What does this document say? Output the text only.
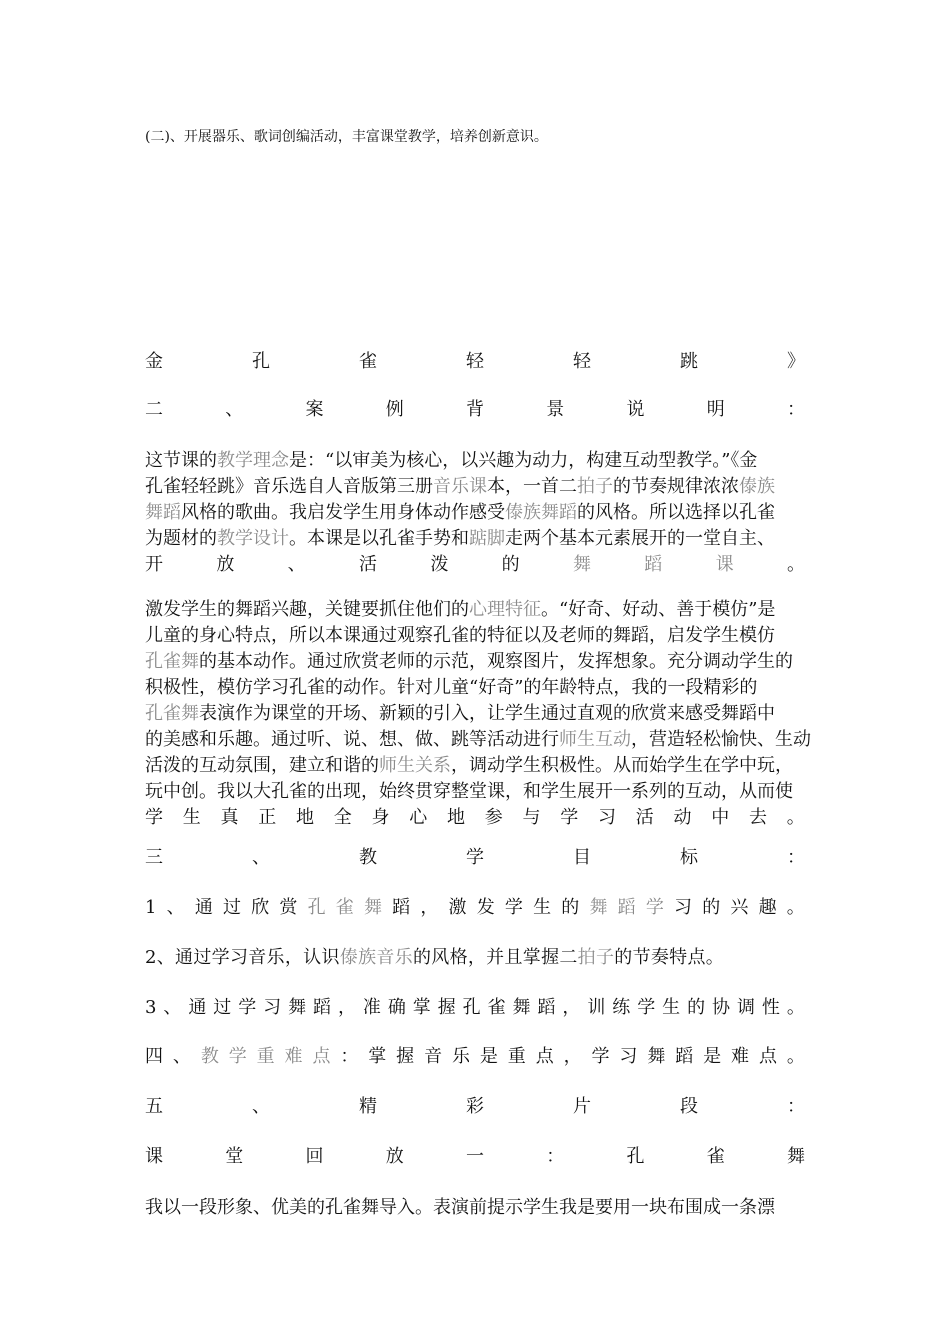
(二)、开展器乐、歌词创编活动，丰富课堂教学，培养创新意识。
金	孔	雀	轻	轻	跳	》
二	、	案	例	背	景	说	明	：
这节课的教学理念是：“以审美为核心，以兴趣为动力，构建互动型教学。”《金
孔雀轻轻跳》音乐选自人音版第三册音乐课本，一首二拍子的节奏规律浓浓傣族
舞蹈风格的歌曲。我启发学生用身体动作感受傣族舞蹈的风格。所以选择以孔雀
为题材的教学设计。本课是以孔雀手势和踮脚走两个基本元素展开的一堂自主、
开	放	、	活	泼	的	舞	蹈	课	。
激发学生的舞蹈兴趣，关键要抓住他们的心理特征。“好奇、好动、善于模仿”是
儿童的身心特点，所以本课通过观察孔雀的特征以及老师的舞蹈，启发学生模仿
孔雀舞的基本动作。通过欣赏老师的示范，观察图片，发挥想象。充分调动学生的
积极性，模仿学习孔雀的动作。针对儿童“好奇”的年龄特点，我的一段精彩的
孔雀舞表演作为课堂的开场、新颖的引入，让学生通过直观的欣赏来感受舞蹈中
的美感和乐趣。通过听、说、想、做、跳等活动进行师生互动，营造轻松愉快、生动
活泼的互动氛围，建立和谐的师生关系，调动学生积极性。从而始学生在学中玩，
玩中创。我以大孔雀的出现，始终贯穿整堂课，和学生展开一系列的互动，从而使
学 生 真 正 地 全 身 心 地 参 与 学 习 活 动 中 去 。
三	、	教	学	目	标	：
1 、 通 过 欣 赏 孔 雀 舞 蹈 ， 激 发 学 生 的 舞 蹈 学 习 的 兴 趣 。
2、通过学习音乐，认识傣族音乐的风格，并且掌握二拍子的节奏特点。
3 、 通 过 学 习 舞 蹈 ， 准 确 掌 握 孔 雀 舞 蹈 ， 训 练 学 生 的 协 调 性 。
四 、 教 学 重 难 点 ： 掌 握 音 乐 是 重 点 ， 学 习 舞 蹈 是 难 点 。
五	、	精	彩	片	段	：
课	堂	回	放	一	：	孔	雀	舞
我以一段形象、优美的孔雀舞导入。表演前提示学生我是要用一块布围成一条漂
